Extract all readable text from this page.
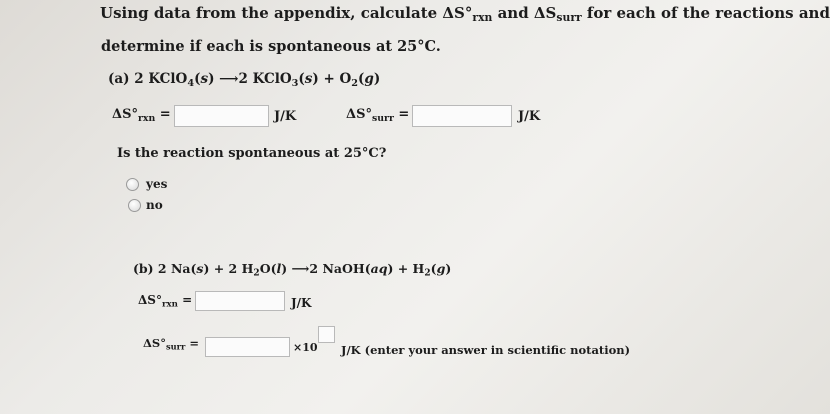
Using data from the appendix, calculate $\Delta S^\circ_{rxn}$ and $\Delta S_{surr}$ for each of the reactions and
determine if each is spontaneous at 25°C.
(a) 2 KClO$_4$(s) ⟶2 KClO$_3$(s) + $O_2(g)$
$\Delta S^\circ_{rxn}$ =	J/K	$\Delta S^\circ_{surr}$ =	J/K
Is the reaction spontaneous at 25°C?
yes
no
(b) 2 Na(s) + 2 $H_2O(l)$ ⟶2 NaOH(aq) + $H_2(g)$
$\Delta S^\circ_{rxn}$ =	J/K
$\Delta S^\circ_{surr}$ =	×10 J/K (enter your answer in scientific notation)
